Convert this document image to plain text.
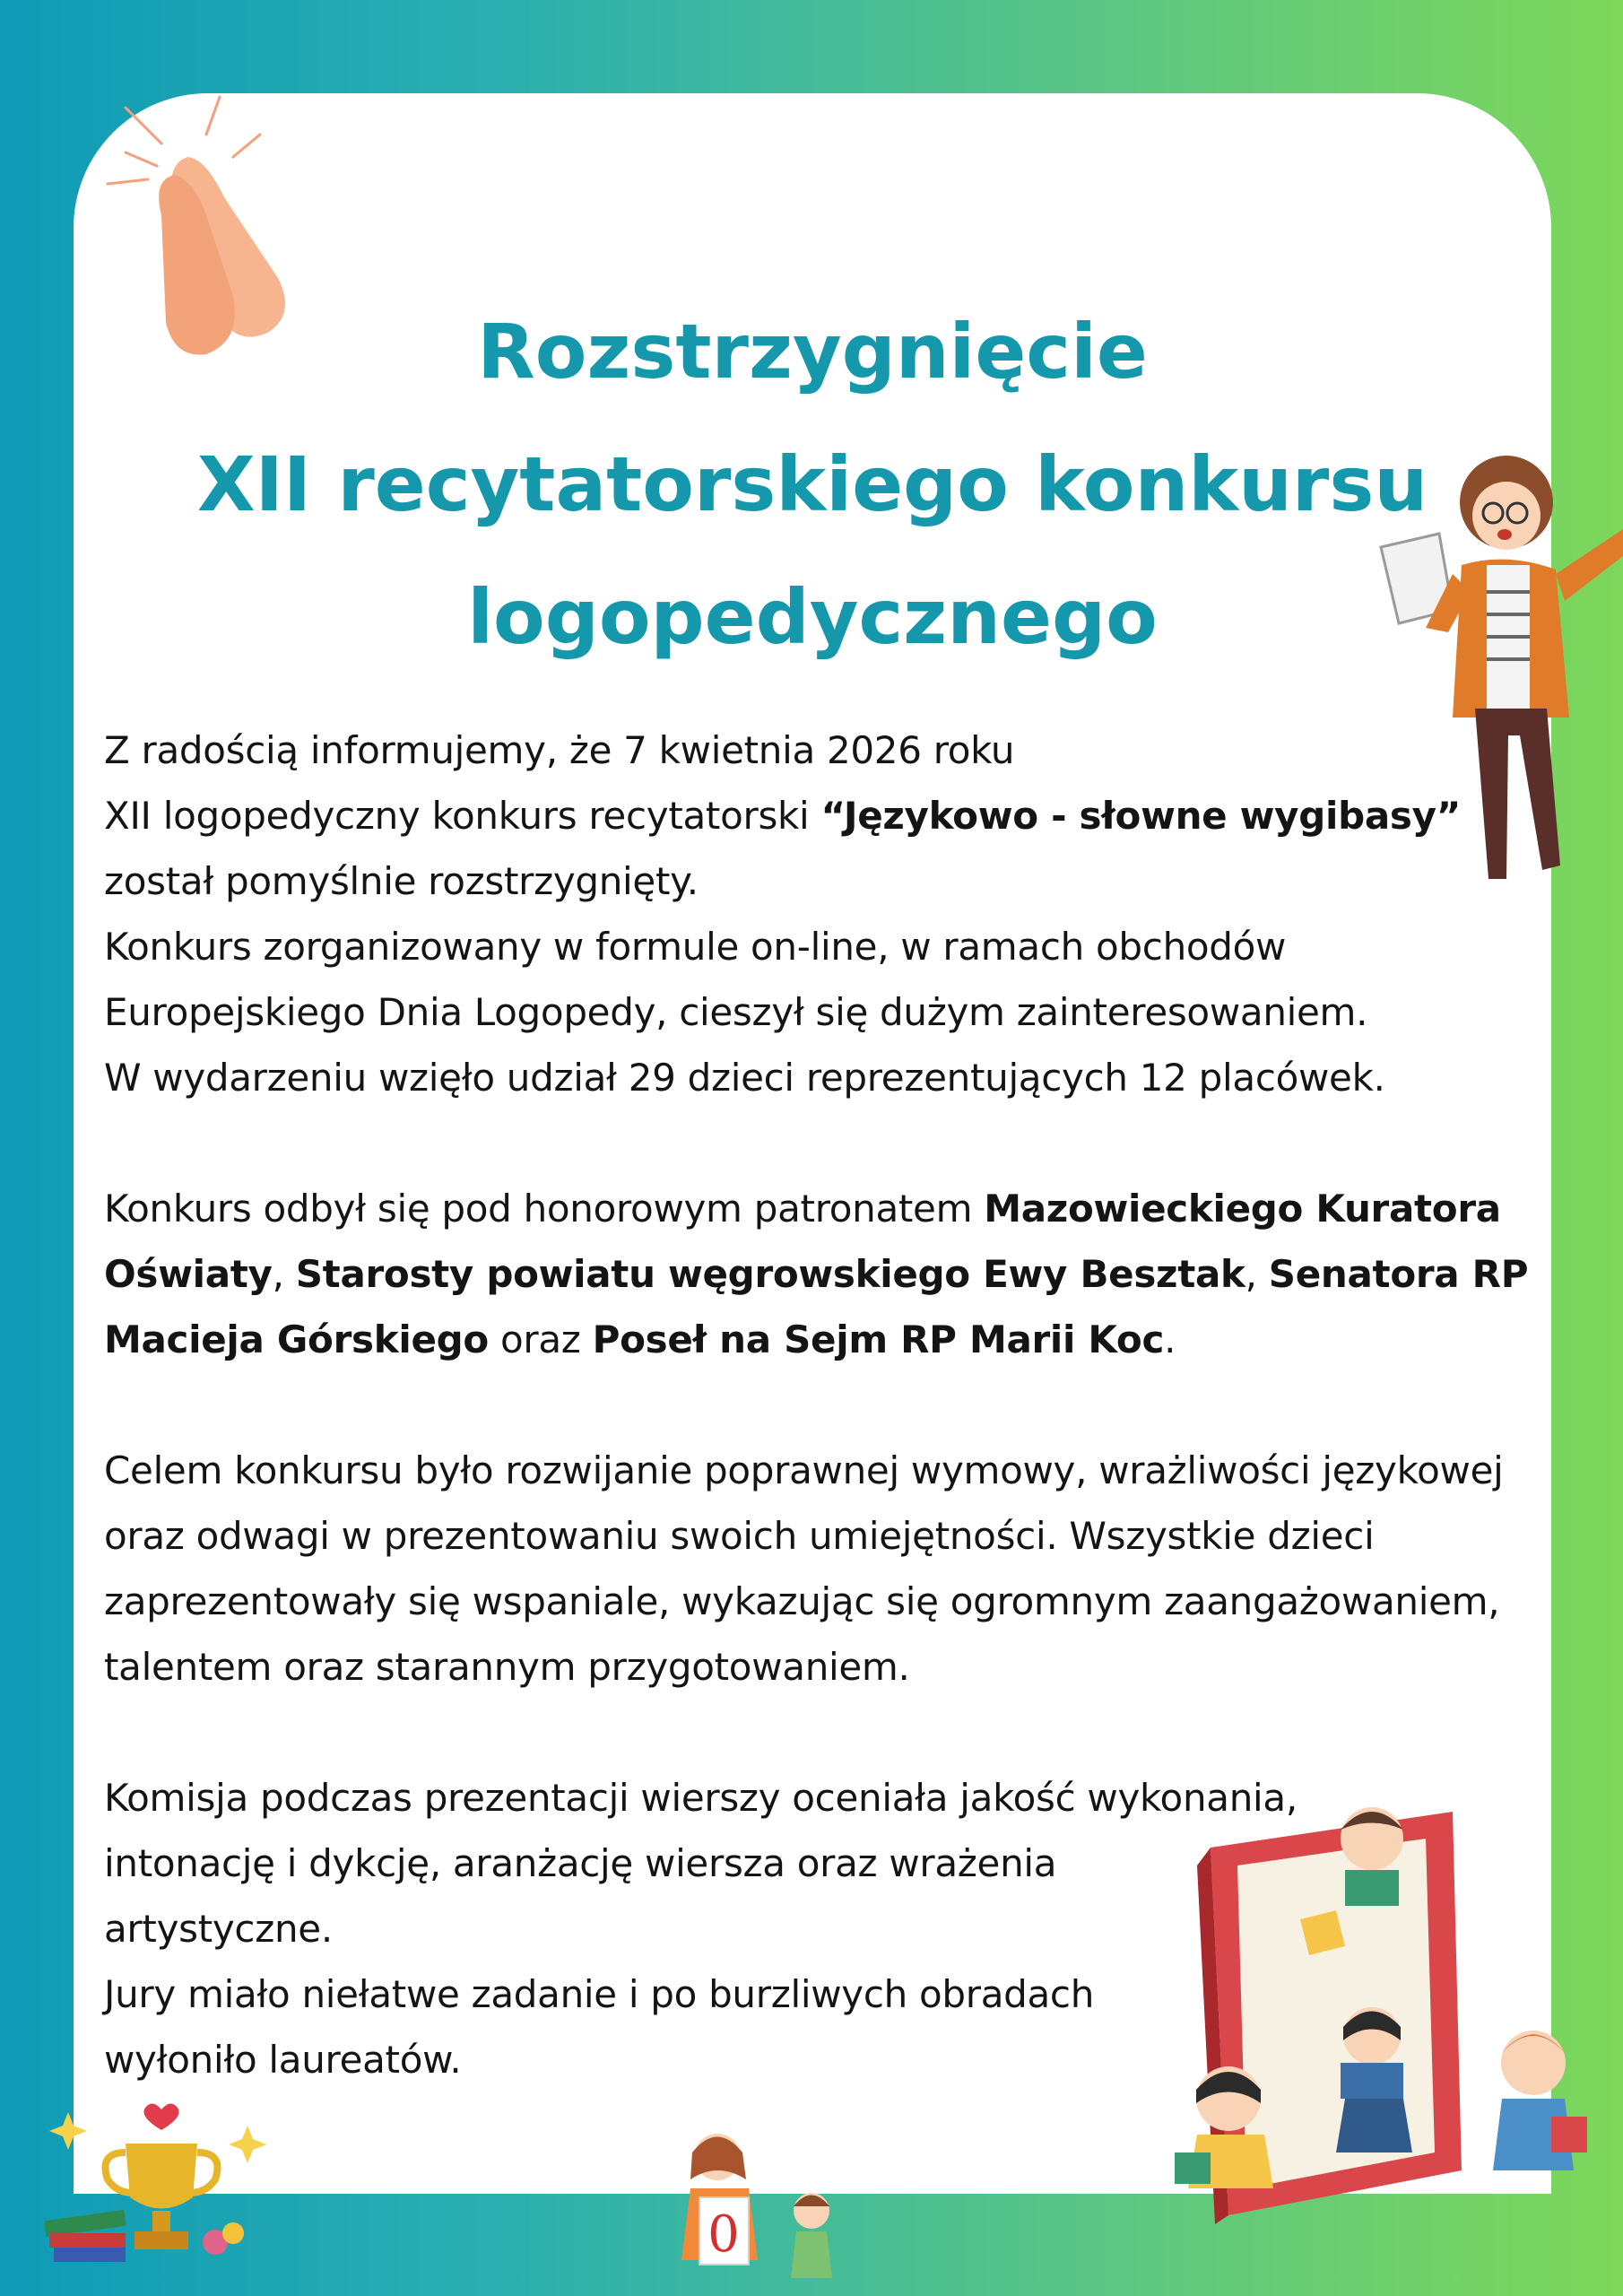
Rozstrzygnięcie
XII recytatorskiego konkursu
logopedycznego
Z radością informujemy, że 7 kwietnia 2026 roku
XII logopedyczny konkurs recytatorski “Językowo - słowne wygibasy”
został pomyślnie rozstrzygnięty.
Konkurs zorganizowany w formule on-line, w ramach obchodów
Europejskiego Dnia Logopedy, cieszył się dużym zainteresowaniem.
W wydarzeniu wzięło udział 29 dzieci reprezentujących 12 placówek.
Konkurs odbył się pod honorowym patronatem Mazowieckiego Kuratora
Oświaty, Starosty powiatu węgrowskiego Ewy Besztak, Senatora RP
Macieja Górskiego oraz Poseł na Sejm RP Marii Koc.
Celem konkursu było rozwijanie poprawnej wymowy, wrażliwości językowej
oraz odwagi w prezentowaniu swoich umiejętności. Wszystkie dzieci
zaprezentowały się wspaniale, wykazując się ogromnym zaangażowaniem,
talentem oraz starannym przygotowaniem.
Komisja podczas prezentacji wierszy oceniała jakość wykonania,
intonację i dykcję, aranżację wiersza oraz wrażenia
artystyczne.
Jury miało niełatwe zadanie i po burzliwych obradach
wyłoniło laureatów.
0
